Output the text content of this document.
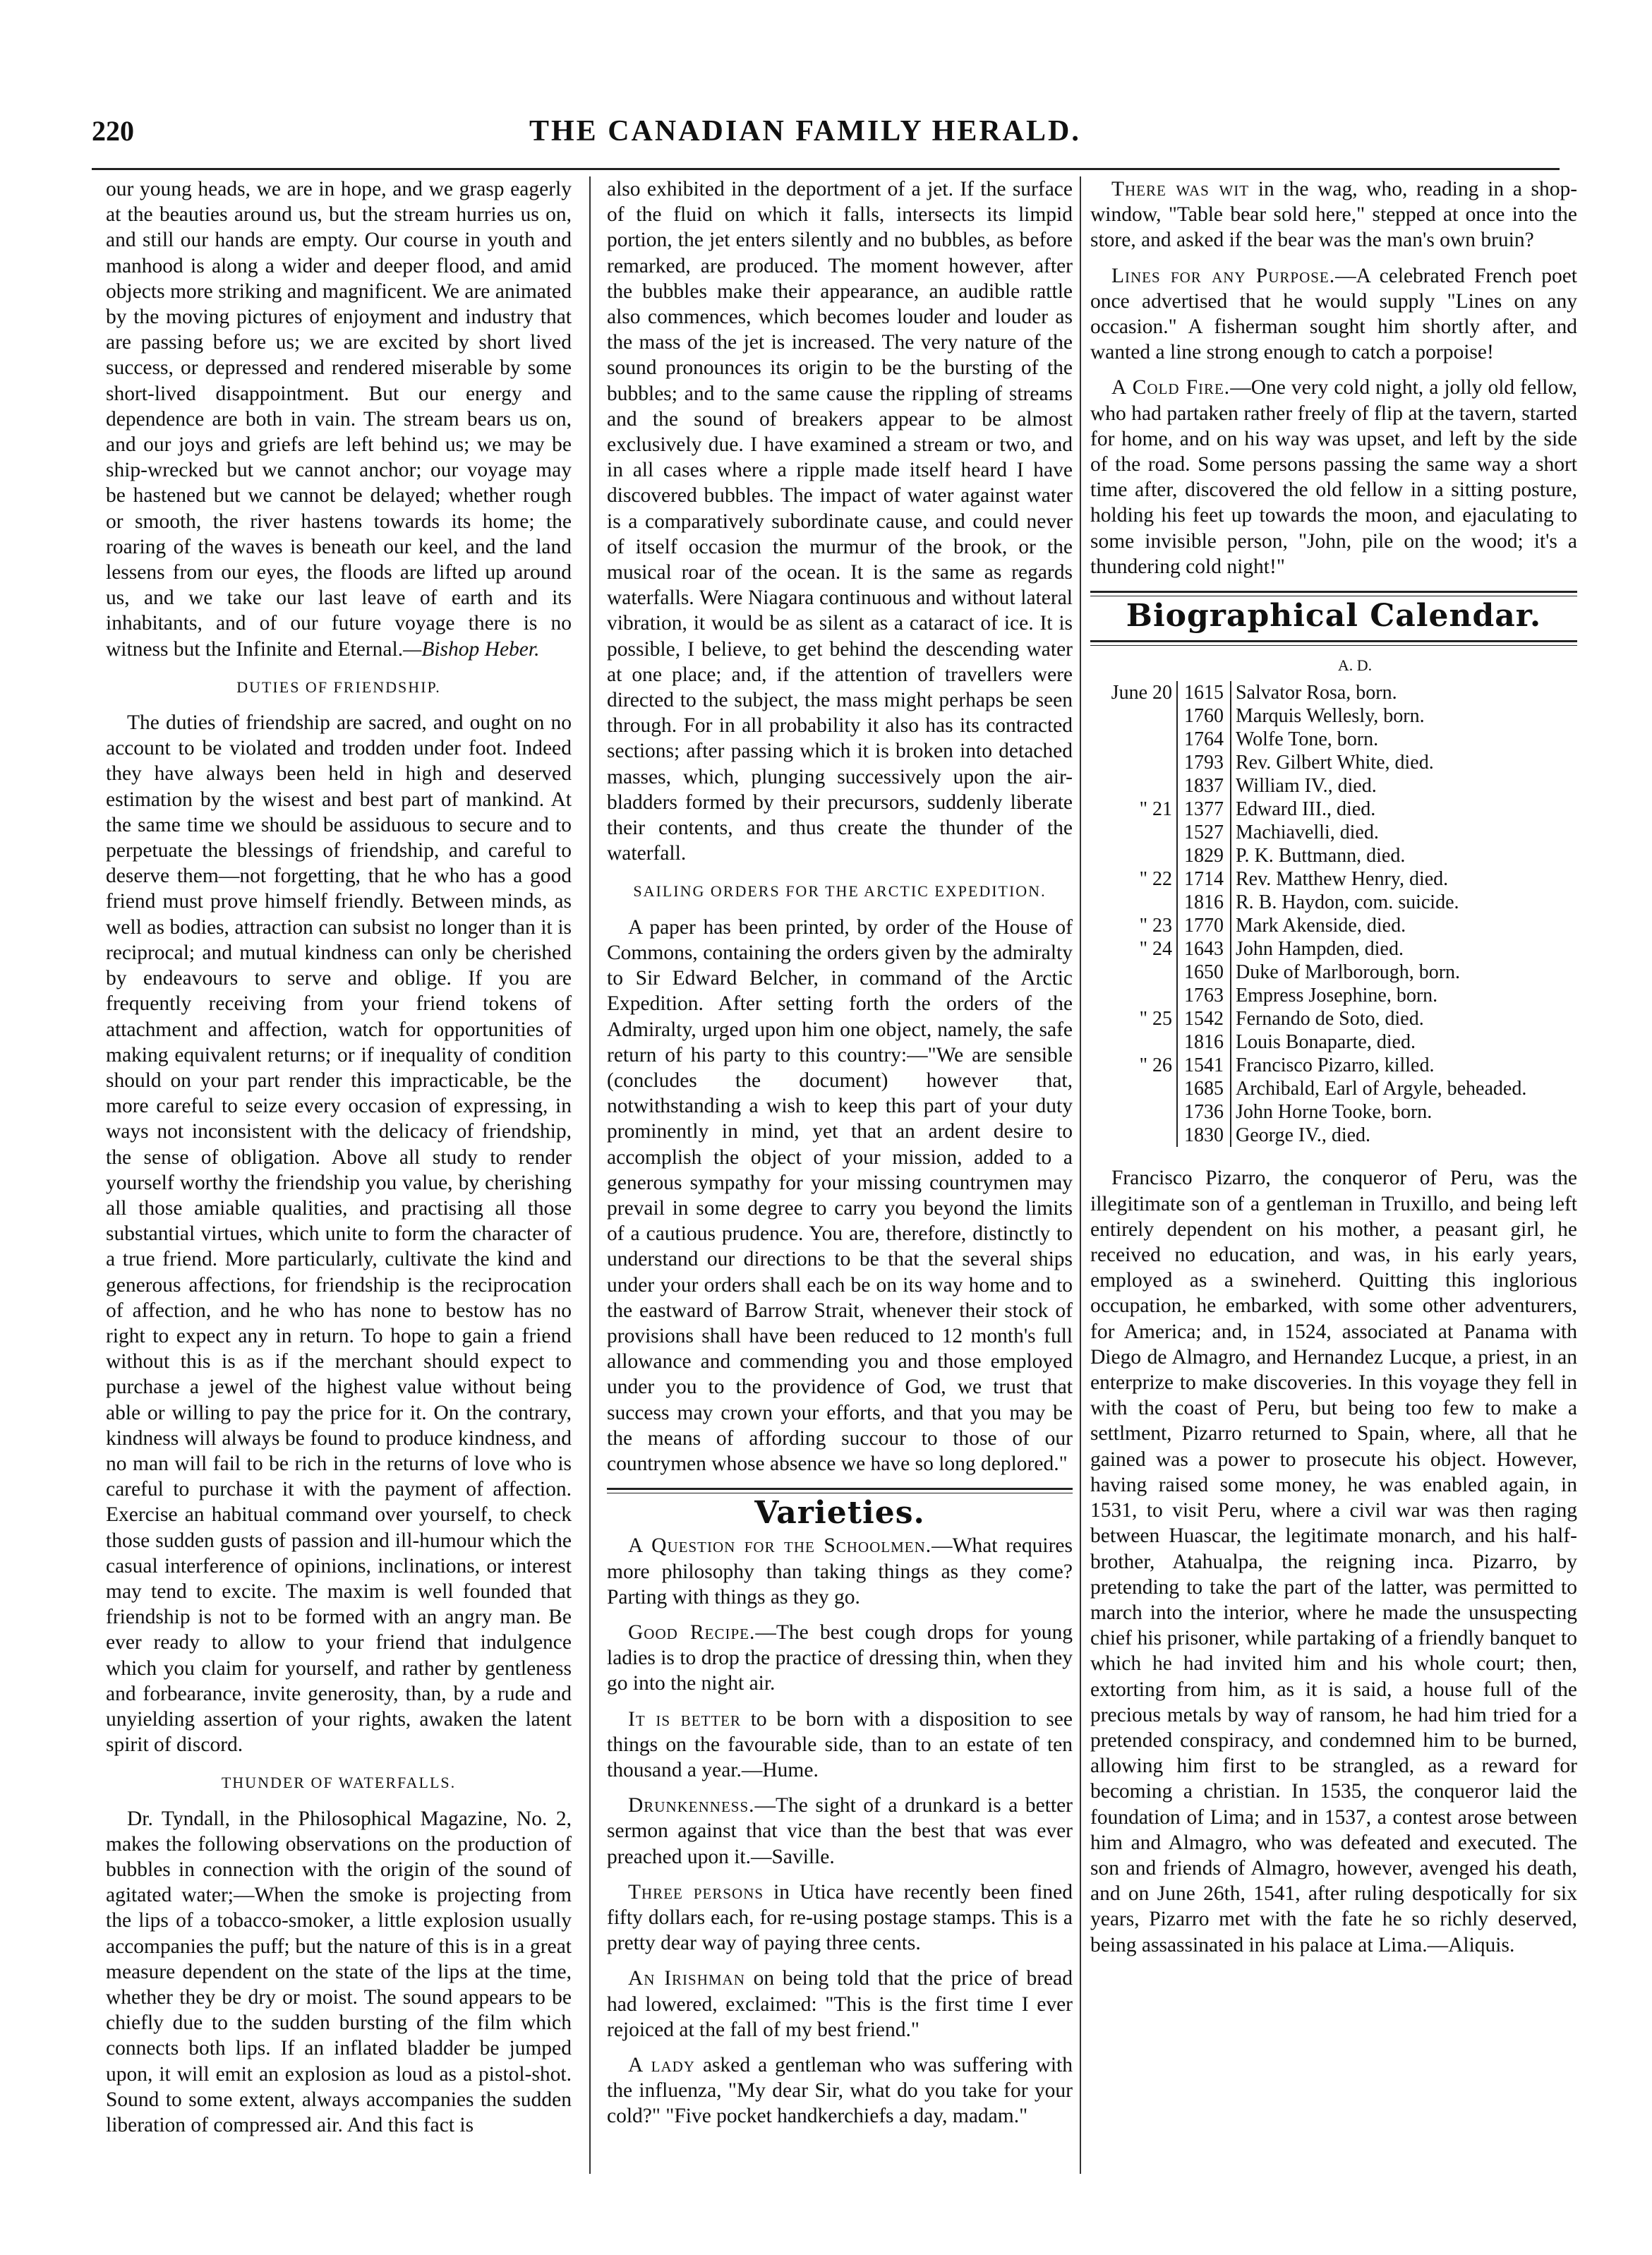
220	THE CANADIAN FAMILY HERALD.

our young heads, we are in hope, and we grasp eagerly at the beauties around us, but the stream hurries us on, and still our hands are empty. Our course in youth and manhood is along a wider and deeper flood, and amid objects more striking and magnificent. We are animated by the moving pictures of enjoyment and industry that are passing before us; we are excited by short lived success, or depressed and rendered miserable by some short-lived disappointment. But our energy and dependence are both in vain. The stream bears us on, and our joys and griefs are left behind us; we may be ship-wrecked but we cannot anchor; our voyage may be hastened but we cannot be delayed; whether rough or smooth, the river hastens towards its home; the roaring of the waves is beneath our keel, and the land lessens from our eyes, the floods are lifted up around us, and we take our last leave of earth and its inhabitants, and of our future voyage there is no witness but the Infinite and Eternal.—Bishop Heber.

DUTIES OF FRIENDSHIP.

The duties of friendship are sacred, and ought on no account to be violated and trodden under foot. Indeed they have always been held in high and deserved estimation by the wisest and best part of mankind. At the same time we should be assiduous to secure and to perpetuate the blessings of friendship, and careful to deserve them—not forgetting, that he who has a good friend must prove himself friendly. Between minds, as well as bodies, attraction can subsist no longer than it is reciprocal; and mutual kindness can only be cherished by endeavours to serve and oblige. If you are frequently receiving from your friend tokens of attachment and affection, watch for opportunities of making equivalent returns; or if inequality of condition should on your part render this impracticable, be the more careful to seize every occasion of expressing, in ways not inconsistent with the delicacy of friendship, the sense of obligation. Above all study to render yourself worthy the friendship you value, by cherishing all those amiable qualities, and practising all those substantial virtues, which unite to form the character of a true friend. More particularly, cultivate the kind and generous affections, for friendship is the reciprocation of affection, and he who has none to bestow has no right to expect any in return. To hope to gain a friend without this is as if the merchant should expect to purchase a jewel of the highest value without being able or willing to pay the price for it. On the contrary, kindness will always be found to produce kindness, and no man will fail to be rich in the returns of love who is careful to purchase it with the payment of affection. Exercise an habitual command over yourself, to check those sudden gusts of passion and ill-humour which the casual interference of opinions, inclinations, or interest may tend to excite. The maxim is well founded that friendship is not to be formed with an angry man. Be ever ready to allow to your friend that indulgence which you claim for yourself, and rather by gentleness and forbearance, invite generosity, than, by a rude and unyielding assertion of your rights, awaken the latent spirit of discord.

THUNDER OF WATERFALLS.

Dr. Tyndall, in the Philosophical Magazine, No. 2, makes the following observations on the production of bubbles in connection with the origin of the sound of agitated water;—When the smoke is projecting from the lips of a tobacco-smoker, a little explosion usually accompanies the puff; but the nature of this is in a great measure dependent on the state of the lips at the time, whether they be dry or moist. The sound appears to be chiefly due to the sudden bursting of the film which connects both lips. If an inflated bladder be jumped upon, it will emit an explosion as loud as a pistol-shot. Sound to some extent, always accompanies the sudden liberation of compressed air. And this fact is

also exhibited in the deportment of a jet. If the surface of the fluid on which it falls, intersects its limpid portion, the jet enters silently and no bubbles, as before remarked, are produced. The moment however, after the bubbles make their appearance, an audible rattle also commences, which becomes louder and louder as the mass of the jet is increased. The very nature of the sound pronounces its origin to be the bursting of the bubbles; and to the same cause the rippling of streams and the sound of breakers appear to be almost exclusively due. I have examined a stream or two, and in all cases where a ripple made itself heard I have discovered bubbles. The impact of water against water is a comparatively subordinate cause, and could never of itself occasion the murmur of the brook, or the musical roar of the ocean. It is the same as regards waterfalls. Were Niagara continuous and without lateral vibration, it would be as silent as a cataract of ice. It is possible, I believe, to get behind the descending water at one place; and, if the attention of travellers were directed to the subject, the mass might perhaps be seen through. For in all probability it also has its contracted sections; after passing which it is broken into detached masses, which, plunging successively upon the air-bladders formed by their precursors, suddenly liberate their contents, and thus create the thunder of the waterfall.

SAILING ORDERS FOR THE ARCTIC EXPEDITION.

A paper has been printed, by order of the House of Commons, containing the orders given by the admiralty to Sir Edward Belcher, in command of the Arctic Expedition. After setting forth the orders of the Admiralty, urged upon him one object, namely, the safe return of his party to this country:—"We are sensible (concludes the document) however that, notwithstanding a wish to keep this part of your duty prominently in mind, yet that an ardent desire to accomplish the object of your mission, added to a generous sympathy for your missing countrymen may prevail in some degree to carry you beyond the limits of a cautious prudence. You are, therefore, distinctly to understand our directions to be that the several ships under your orders shall each be on its way home and to the eastward of Barrow Strait, whenever their stock of provisions shall have been reduced to 12 month's full allowance and commending you and those employed under you to the providence of God, we trust that success may crown your efforts, and that you may be the means of affording succour to those of our countrymen whose absence we have so long deplored."

Varieties.

A Question for the Schoolmen.—What requires more philosophy than taking things as they come? Parting with things as they go.

Good Recipe.—The best cough drops for young ladies is to drop the practice of dressing thin, when they go into the night air.

It is better to be born with a disposition to see things on the favourable side, than to an estate of ten thousand a year.—Hume.

Drunkenness.—The sight of a drunkard is a better sermon against that vice than the best that was ever preached upon it.—Saville.

Three persons in Utica have recently been fined fifty dollars each, for re-using postage stamps. This is a pretty dear way of paying three cents.

An Irishman on being told that the price of bread had lowered, exclaimed: "This is the first time I ever rejoiced at the fall of my best friend."

A lady asked a gentleman who was suffering with the influenza, "My dear Sir, what do you take for your cold?" "Five pocket handkerchiefs a day, madam."

There was wit in the wag, who, reading in a shop-window, "Table bear sold here," stepped at once into the store, and asked if the bear was the man's own bruin?

Lines for any Purpose.—A celebrated French poet once advertised that he would supply "Lines on any occasion." A fisherman sought him shortly after, and wanted a line strong enough to catch a porpoise!

A Cold Fire.—One very cold night, a jolly old fellow, who had partaken rather freely of flip at the tavern, started for home, and on his way was upset, and left by the side of the road. Some persons passing the same way a short time after, discovered the old fellow in a sitting posture, holding his feet up towards the moon, and ejaculating to some invisible person, "John, pile on the wood; it's a thundering cold night!"

Biographical Calendar.
A. D.
June 20	1615	Salvator Rosa, born.
	1760	Marquis Wellesly, born.
	1764	Wolfe Tone, born.
	1793	Rev. Gilbert White, died.
	1837	William IV., died.
" 21	1377	Edward III., died.
	1527	Machiavelli, died.
	1829	P. K. Buttmann, died.
" 22	1714	Rev. Matthew Henry, died.
	1816	R. B. Haydon, com. suicide.
" 23	1770	Mark Akenside, died.
" 24	1643	John Hampden, died.
	1650	Duke of Marlborough, born.
	1763	Empress Josephine, born.
" 25	1542	Fernando de Soto, died.
	1816	Louis Bonaparte, died.
" 26	1541	Francisco Pizarro, killed.
	1685	Archibald, Earl of Argyle, beheaded.
	1736	John Horne Tooke, born.
	1830	George IV., died.

Francisco Pizarro, the conqueror of Peru, was the illegitimate son of a gentleman in Truxillo, and being left entirely dependent on his mother, a peasant girl, he received no education, and was, in his early years, employed as a swineherd. Quitting this inglorious occupation, he embarked, with some other adventurers, for America; and, in 1524, associated at Panama with Diego de Almagro, and Hernandez Lucque, a priest, in an enterprize to make discoveries. In this voyage they fell in with the coast of Peru, but being too few to make a settlment, Pizarro returned to Spain, where, all that he gained was a power to prosecute his object. However, having raised some money, he was enabled again, in 1531, to visit Peru, where a civil war was then raging between Huascar, the legitimate monarch, and his half-brother, Atahualpa, the reigning inca. Pizarro, by pretending to take the part of the latter, was permitted to march into the interior, where he made the unsuspecting chief his prisoner, while partaking of a friendly banquet to which he had invited him and his whole court; then, extorting from him, as it is said, a house full of the precious metals by way of ransom, he had him tried for a pretended conspiracy, and condemned him to be burned, allowing him first to be strangled, as a reward for becoming a christian. In 1535, the conqueror laid the foundation of Lima; and in 1537, a contest arose between him and Almagro, who was defeated and executed. The son and friends of Almagro, however, avenged his death, and on June 26th, 1541, after ruling despotically for six years, Pizarro met with the fate he so richly deserved, being assassinated in his palace at Lima.—Aliquis.
